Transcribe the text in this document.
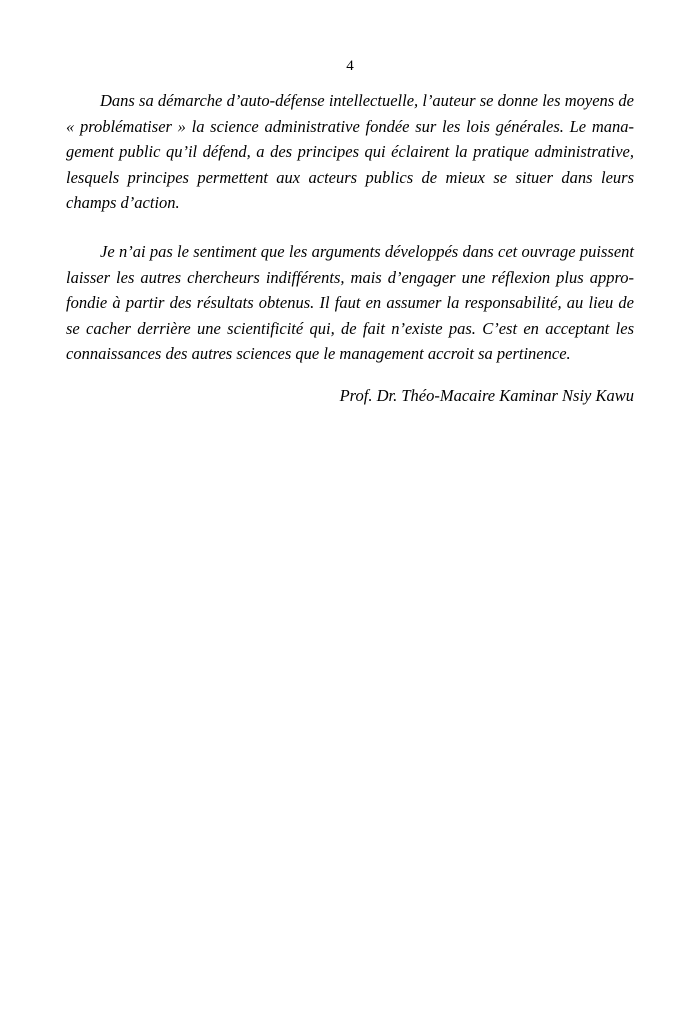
4
Dans sa démarche d’auto-défense intellectuelle, l’auteur se donne les moyens de
« problématiser » la science administrative fondée sur les lois générales. Le mana-
gement public qu’il défend, a des principes qui éclairent la pratique administrative,
lesquels principes permettent aux acteurs publics de mieux se situer dans leurs
champs d’action.
Je n’ai pas le sentiment que les arguments développés dans cet ouvrage puissent
laisser les autres chercheurs indifférents, mais d’engager une réflexion plus appro-
fondie à partir des résultats obtenus. Il faut en assumer la responsabilité, au lieu de
se cacher derrière une scientificité qui, de fait n’existe pas. C’est en acceptant les
connaissances des autres sciences que le management accroit sa pertinence.
Prof. Dr. Théo-Macaire Kaminar Nsiy Kawu
